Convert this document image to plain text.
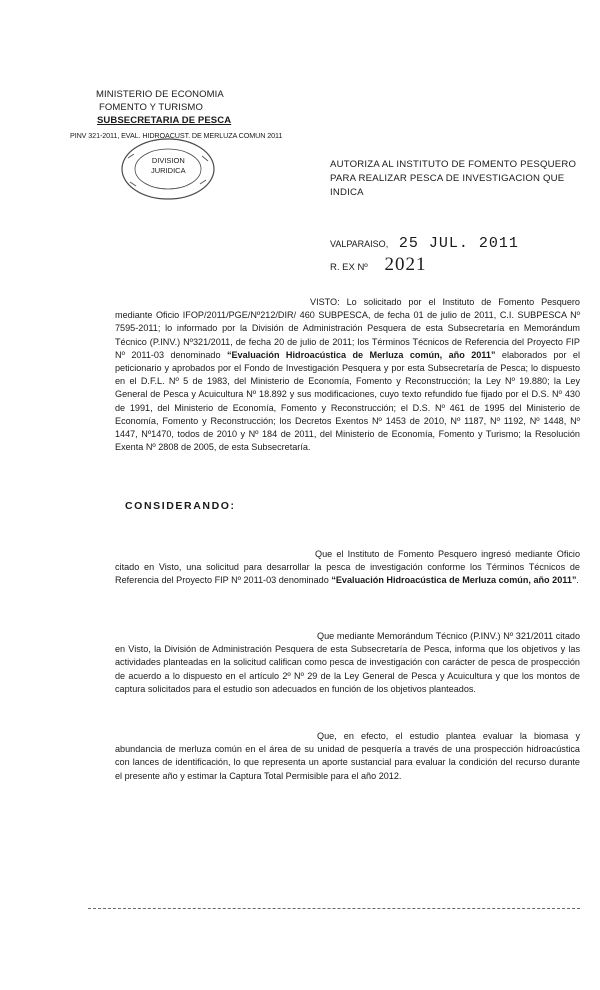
MINISTERIO DE ECONOMIA
FOMENTO Y TURISMO
SUBSECRETARIA DE PESCA
PINV 321-2011, EVAL. HIDROACUST. DE MERLUZA COMUN 2011
DIVISION
JURIDICA
AUTORIZA AL INSTITUTO DE FOMENTO PESQUERO PARA REALIZAR PESCA DE INVESTIGACION QUE INDICA
VALPARAISO, 25 JUL. 2011
R. EX Nº 2021
VISTO: Lo solicitado por el Instituto de Fomento Pesquero mediante Oficio IFOP/2011/PGE/Nº212/DIR/ 460 SUBPESCA, de fecha 01 de julio de 2011, C.I. SUBPESCA Nº 7595-2011; lo informado por la División de Administración Pesquera de esta Subsecretaría en Memorándum Técnico (P.INV.) Nº321/2011, de fecha 20 de julio de 2011; los Términos Técnicos de Referencia del Proyecto FIP Nº 2011-03 denominado “Evaluación Hidroacústica de Merluza común, año 2011” elaborados por el peticionario y aprobados por el Fondo de Investigación Pesquera y por esta Subsecretaría de Pesca; lo dispuesto en el D.F.L. Nº 5 de 1983, del Ministerio de Economía, Fomento y Reconstrucción; la Ley Nº 19.880; la Ley General de Pesca y Acuicultura Nº 18.892 y sus modificaciones, cuyo texto refundido fue fijado por el D.S. Nº 430 de 1991, del Ministerio de Economía, Fomento y Reconstrucción; el D.S. Nº 461 de 1995 del Ministerio de Economía, Fomento y Reconstrucción; los Decretos Exentos Nº 1453 de 2010, Nº 1187, Nº 1192, Nº 1448, Nº 1447, Nº1470, todos de 2010 y Nº 184 de 2011, del Ministerio de Economía, Fomento y Turismo; la Resolución Exenta Nº 2808 de 2005, de esta Subsecretaría.
CONSIDERANDO:
Que el Instituto de Fomento Pesquero ingresó mediante Oficio citado en Visto, una solicitud para desarrollar la pesca de investigación conforme los Términos Técnicos de Referencia del Proyecto FIP Nº 2011-03 denominado “Evaluación Hidroacústica de Merluza común, año 2011”.
Que mediante Memorándum Técnico (P.INV.) Nº 321/2011 citado en Visto, la División de Administración Pesquera de esta Subsecretaría de Pesca, informa que los objetivos y las actividades planteadas en la solicitud califican como pesca de investigación con carácter de pesca de prospección de acuerdo a lo dispuesto en el artículo 2º Nº 29 de la Ley General de Pesca y Acuicultura y que los montos de captura solicitados para el estudio son adecuados en función de los objetivos planteados.
Que, en efecto, el estudio plantea evaluar la biomasa y abundancia de merluza común en el área de su unidad de pesquería a través de una prospección hidroacústica con lances de identificación, lo que representa un aporte sustancial para evaluar la condición del recurso durante el presente año y estimar la Captura Total Permisible para el año 2012.
